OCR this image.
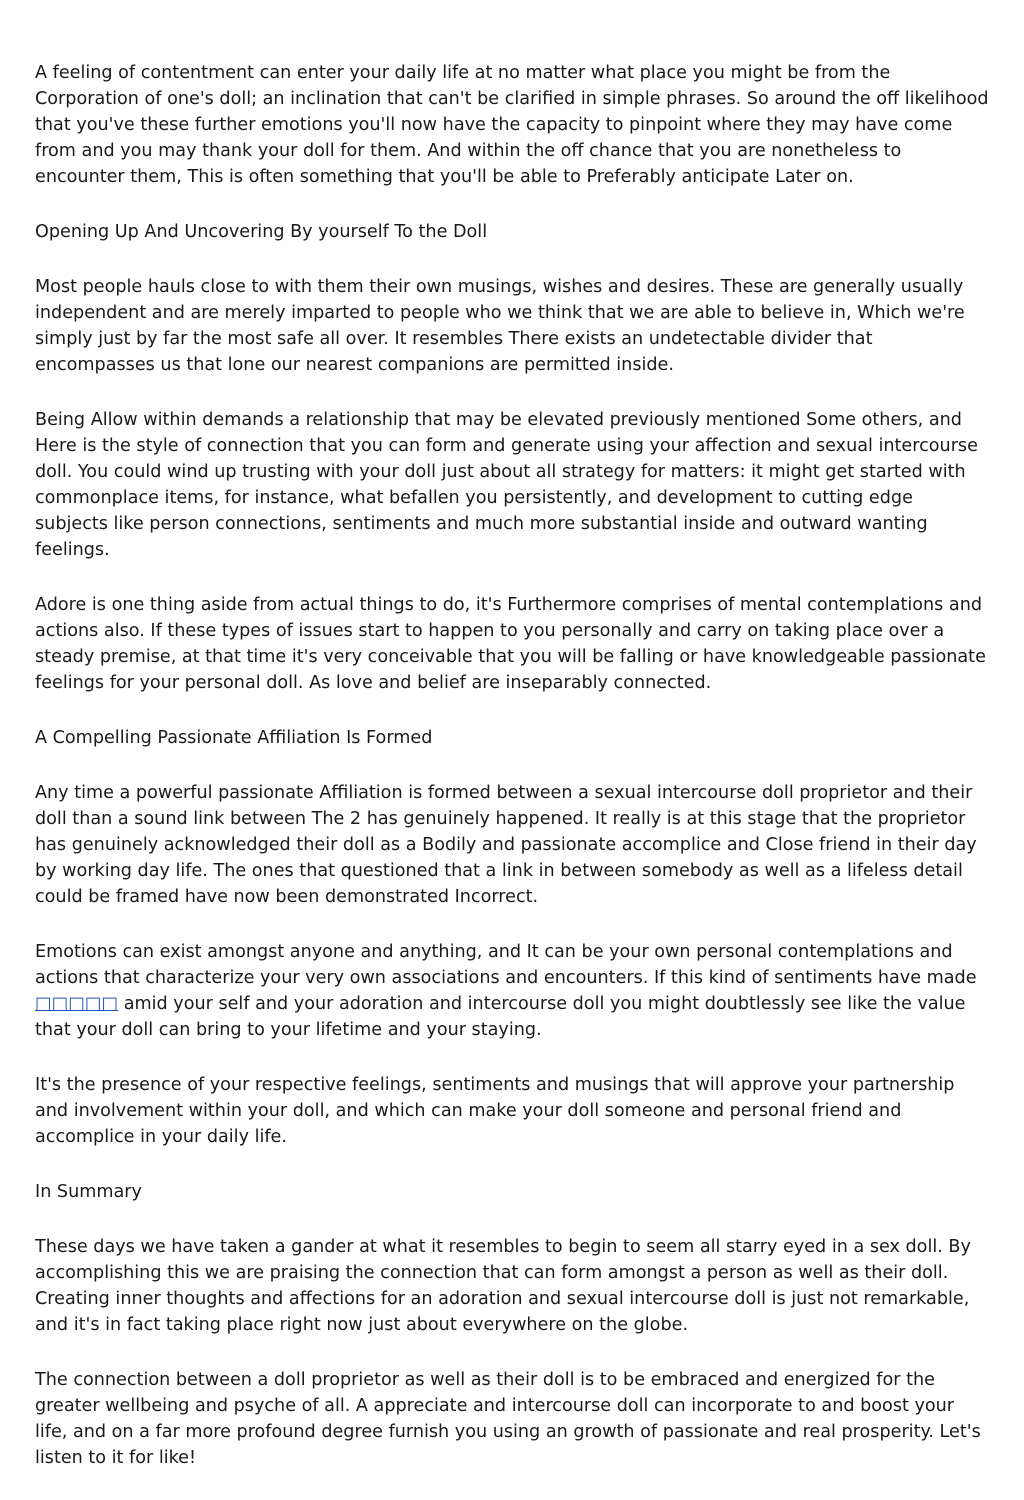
A feeling of contentment can enter your daily life at no matter what place you might be from the Corporation of one's doll; an inclination that can't be clarified in simple phrases. So around the off likelihood that you've these further emotions you'll now have the capacity to pinpoint where they may have come from and you may thank your doll for them. And within the off chance that you are nonetheless to encounter them, This is often something that you'll be able to Preferably anticipate Later on.

Opening Up And Uncovering By yourself To the Doll

Most people hauls close to with them their own musings, wishes and desires. These are generally usually independent and are merely imparted to people who we think that we are able to believe in, Which we're simply just by far the most safe all over. It resembles There exists an undetectable divider that encompasses us that lone our nearest companions are permitted inside.

Being Allow within demands a relationship that may be elevated previously mentioned Some others, and Here is the style of connection that you can form and generate using your affection and sexual intercourse doll. You could wind up trusting with your doll just about all strategy for matters: it might get started with commonplace items, for instance, what befallen you persistently, and development to cutting edge subjects like person connections, sentiments and much more substantial inside and outward wanting feelings.

Adore is one thing aside from actual things to do, it's Furthermore comprises of mental contemplations and actions also. If these types of issues start to happen to you personally and carry on taking place over a steady premise, at that time it's very conceivable that you will be falling or have knowledgeable passionate feelings for your personal doll. As love and belief are inseparably connected.

A Compelling Passionate Affiliation Is Formed

Any time a powerful passionate Affiliation is formed between a sexual intercourse doll proprietor and their doll than a sound link between The 2 has genuinely happened. It really is at this stage that the proprietor has genuinely acknowledged their doll as a Bodily and passionate accomplice and Close friend in their day by working day life. The ones that questioned that a link in between somebody as well as a lifeless detail could be framed have now been demonstrated Incorrect.

Emotions can exist amongst anyone and anything, and It can be your own personal contemplations and actions that characterize your very own associations and encounters. If this kind of sentiments have made □□□□□ amid your self and your adoration and intercourse doll you might doubtlessly see like the value that your doll can bring to your lifetime and your staying.

It's the presence of your respective feelings, sentiments and musings that will approve your partnership and involvement within your doll, and which can make your doll someone and personal friend and accomplice in your daily life.

In Summary

These days we have taken a gander at what it resembles to begin to seem all starry eyed in a sex doll. By accomplishing this we are praising the connection that can form amongst a person as well as their doll. Creating inner thoughts and affections for an adoration and sexual intercourse doll is just not remarkable, and it's in fact taking place right now just about everywhere on the globe.

The connection between a doll proprietor as well as their doll is to be embraced and energized for the greater wellbeing and psyche of all. A appreciate and intercourse doll can incorporate to and boost your life, and on a far more profound degree furnish you using an growth of passionate and real prosperity. Let's listen to it for like!
